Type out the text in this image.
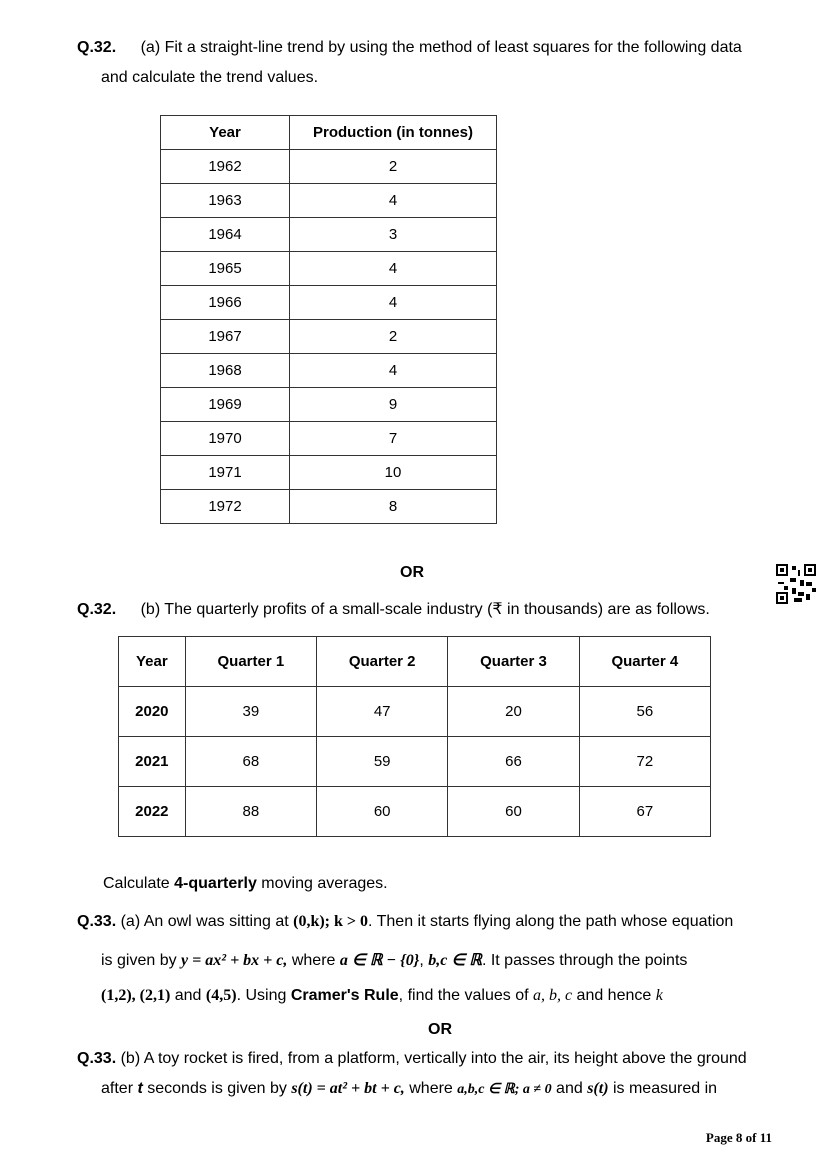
Q.32. (a) Fit a straight-line trend by using the method of least squares for the following data
and calculate the trend values.
Year	Production (in tonnes)
1962	2
1963	4
1964	3
1965	4
1966	4
1967	2
1968	4
1969	9
1970	7
1971	10
1972	8
OR
Q.32. (b) The quarterly profits of a small-scale industry (₹ in thousands) are as follows.
Year	Quarter 1	Quarter 2	Quarter 3	Quarter 4
2020	39	47	20	56
2021	68	59	66	72
2022	88	60	60	67
Calculate 4-quarterly moving averages.
Q.33. (a) An owl was sitting at (0,k); k > 0. Then it starts flying along the path whose equation
is given by y = ax² + bx + c, where a ∈ ℝ − {0}, b,c ∈ ℝ. It passes through the points
(1,2), (2,1) and (4,5). Using Cramer's Rule, find the values of a, b, c and hence k
OR
Q.33. (b) A toy rocket is fired, from a platform, vertically into the air, its height above the ground
after t seconds is given by s(t) = at² + bt + c, where a,b,c ∈ ℝ; a ≠ 0 and s(t) is measured in
Page 8 of 11
